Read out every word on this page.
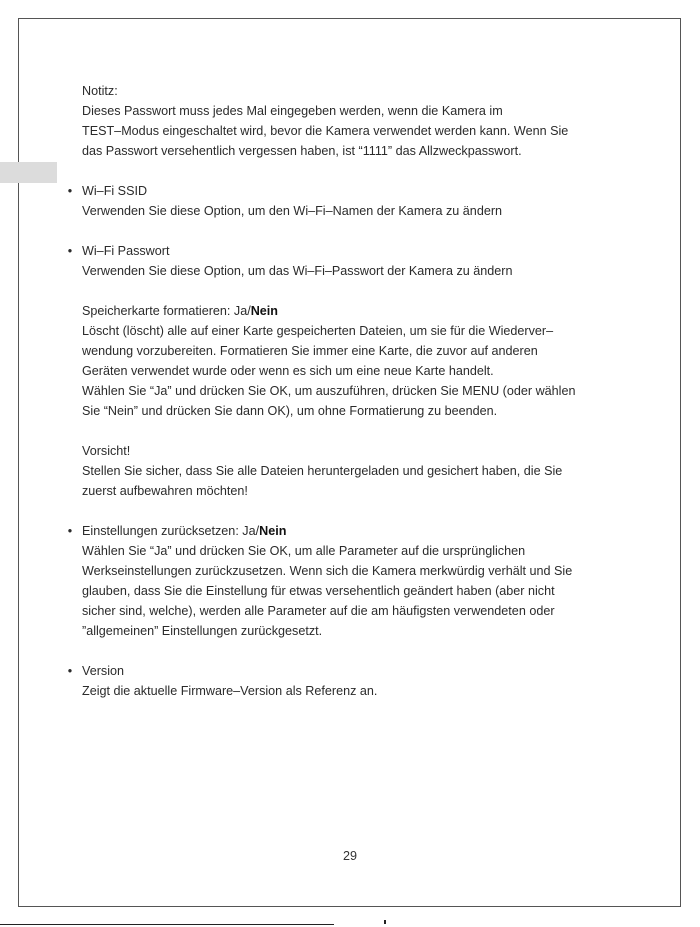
Notitz:

Dieses Passwort muss jedes Mal eingegeben werden, wenn die Kamera im

TEST–Modus eingeschaltet wird, bevor die Kamera verwendet werden kann. Wenn Sie

das Passwort versehentlich vergessen haben, ist “1111” das Allzweckpasswort.

• Wi–Fi SSID

Verwenden Sie diese Option, um den Wi–Fi–Namen der Kamera zu ändern

• Wi–Fi Passwort

Verwenden Sie diese Option, um das Wi–Fi–Passwort der Kamera zu ändern

Speicherkarte formatieren: Ja/Nein

Löscht (löscht) alle auf einer Karte gespeicherten Dateien, um sie für die Wiederver–

wendung vorzubereiten. Formatieren Sie immer eine Karte, die zuvor auf anderen

Geräten verwendet wurde oder wenn es sich um eine neue Karte handelt.

Wählen Sie “Ja” und drücken Sie OK, um auszuführen, drücken Sie MENU (oder wählen

Sie “Nein” und drücken Sie dann OK), um ohne Formatierung zu beenden.

Vorsicht!

Stellen Sie sicher, dass Sie alle Dateien heruntergeladen und gesichert haben, die Sie

zuerst aufbewahren möchten!

• Einstellungen zurücksetzen: Ja/Nein

Wählen Sie “Ja” und drücken Sie OK, um alle Parameter auf die ursprünglichen

Werkseinstellungen zurückzusetzen. Wenn sich die Kamera merkwürdig verhält und Sie

glauben, dass Sie die Einstellung für etwas versehentlich geändert haben (aber nicht

sicher sind, welche), werden alle Parameter auf die am häufigsten verwendeten oder

”allgemeinen” Einstellungen zurückgesetzt.

• Version

Zeigt die aktuelle Firmware–Version als Referenz an.

29
